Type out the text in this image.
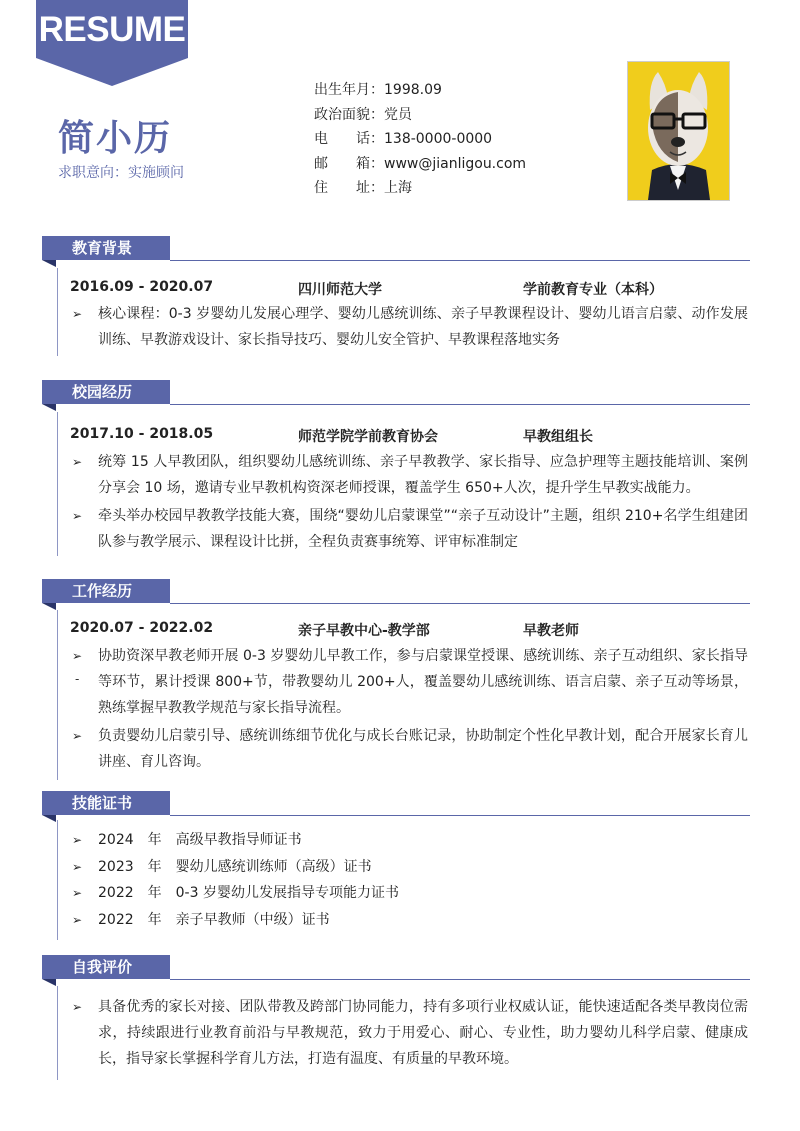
RESUME
简小历
求职意向：实施顾问
出生年月：1998.09
政治面貌：党员
电　　话：138-0000-0000
邮　　箱：www@jianligou.com
住　　址：上海
教育背景
2016.09 - 2020.07	四川师范大学	学前教育专业（本科）
➢ 核心课程：0-3 岁婴幼儿发展心理学、婴幼儿感统训练、亲子早教课程设计、婴幼儿语言启蒙、动作发展训练、早教游戏设计、家长指导技巧、婴幼儿安全管护、早教课程落地实务
校园经历
2017.10 - 2018.05	师范学院学前教育协会	早教组组长
➢ 统筹 15 人早教团队，组织婴幼儿感统训练、亲子早教教学、家长指导、应急护理等主题技能培训、案例分享会 10 场，邀请专业早教机构资深老师授课，覆盖学生 650+人次，提升学生早教实战能力。
➢ 牵头举办校园早教教学技能大赛，围绕“婴幼儿启蒙课堂”“亲子互动设计”主题，组织 210+名学生组建团队参与教学展示、课程设计比拼，全程负责赛事统筹、评审标准制定
工作经历
2020.07 - 2022.02	亲子早教中心-教学部	早教老师
➢ 协助资深早教老师开展 0-3 岁婴幼儿早教工作，参与启蒙课堂授课、感统训练、亲子互动组织、家长指导等环节，累计授课 800+节，带教婴幼儿 200+人，覆盖婴幼儿感统训练、语言启蒙、亲子互动等场景，熟练掌握早教教学规范与家长指导流程。
-
➢ 负责婴幼儿启蒙引导、感统训练细节优化与成长台账记录，协助制定个性化早教计划，配合开展家长育儿讲座、育儿咨询。
技能证书
➢ 2024　年　高级早教指导师证书
➢ 2023　年　婴幼儿感统训练师（高级）证书
➢ 2022　年　0-3 岁婴幼儿发展指导专项能力证书
➢ 2022　年　亲子早教师（中级）证书
自我评价
➢ 具备优秀的家长对接、团队带教及跨部门协同能力，持有多项行业权威认证，能快速适配各类早教岗位需求，持续跟进行业教育前沿与早教规范，致力于用爱心、耐心、专业性，助力婴幼儿科学启蒙、健康成长，指导家长掌握科学育儿方法，打造有温度、有质量的早教环境。
